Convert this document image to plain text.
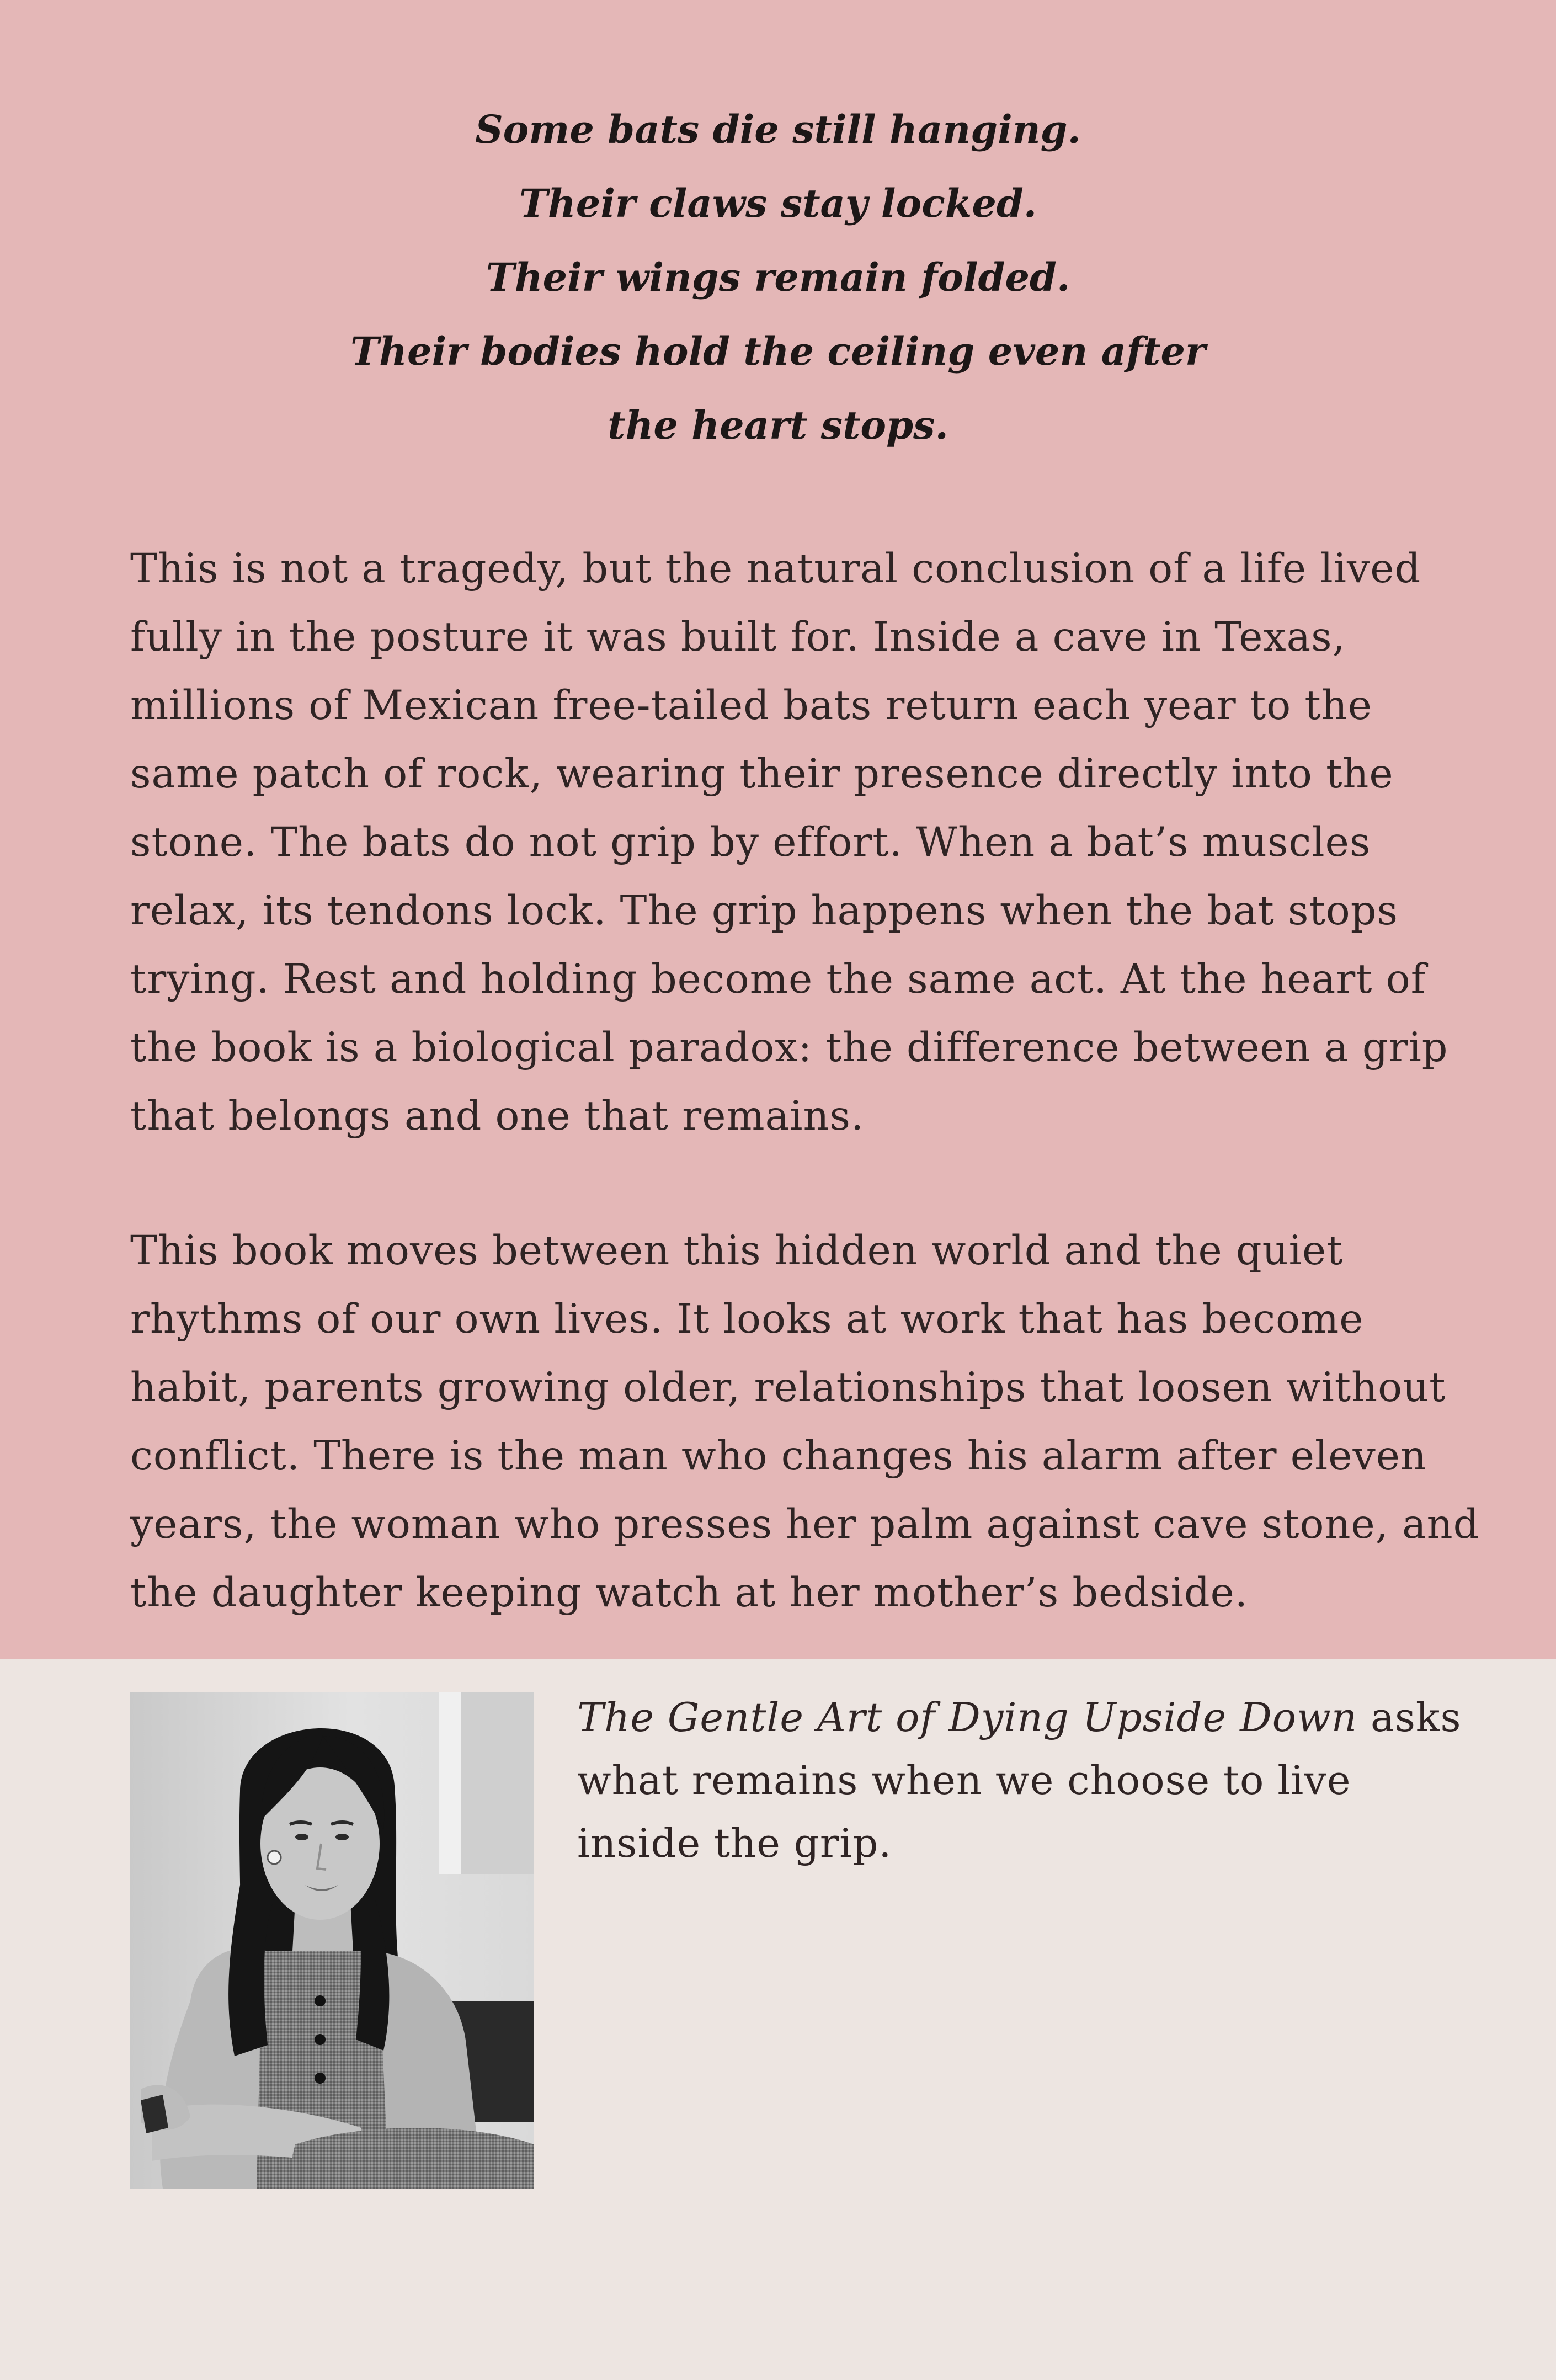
Some bats die still hanging.
Their claws stay locked.
Their wings remain folded.
Their bodies hold the ceiling even after
the heart stops.
This is not a tragedy, but the natural conclusion of a life lived
fully in the posture it was built for. Inside a cave in Texas,
millions of Mexican free-tailed bats return each year to the
same patch of rock, wearing their presence directly into the
stone. The bats do not grip by effort. When a bat’s muscles
relax, its tendons lock. The grip happens when the bat stops
trying. Rest and holding become the same act. At the heart of
the book is a biological paradox: the difference between a grip
that belongs and one that remains.
This book moves between this hidden world and the quiet
rhythms of our own lives. It looks at work that has become
habit, parents growing older, relationships that loosen without
conflict. There is the man who changes his alarm after eleven
years, the woman who presses her palm against cave stone, and
the daughter keeping watch at her mother’s bedside.
The Gentle Art of Dying Upside Down asks
what remains when we choose to live
inside the grip.
